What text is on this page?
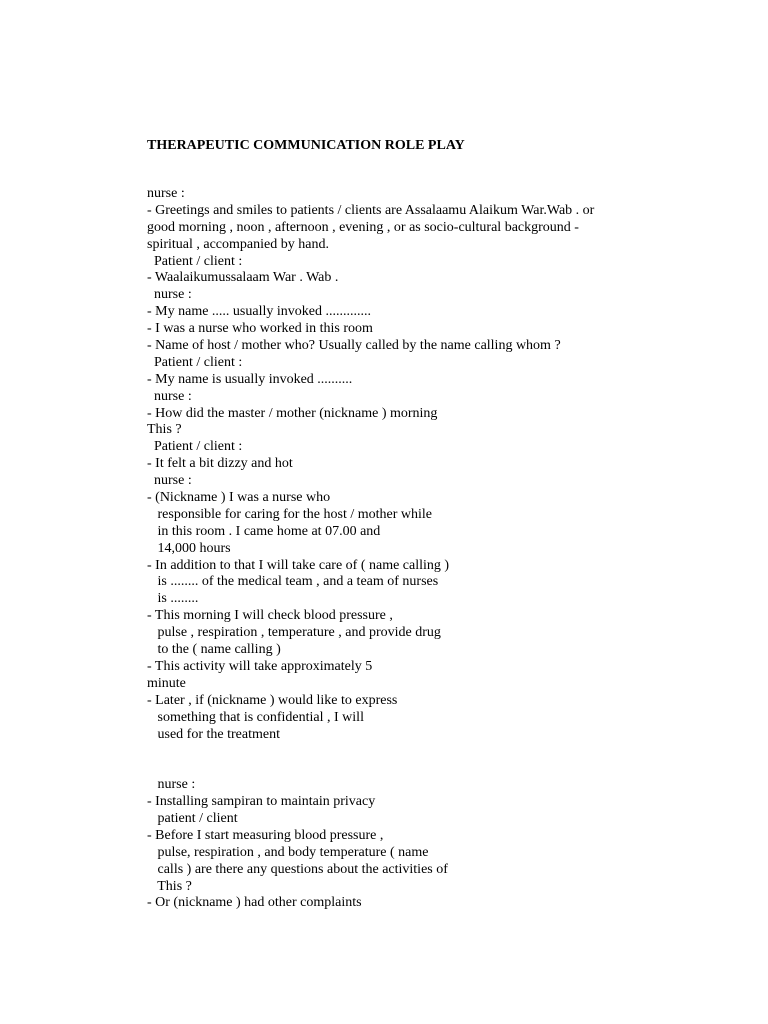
THERAPEUTIC COMMUNICATION ROLE PLAY
nurse :
- Greetings and smiles to patients / clients are Assalaamu Alaikum War.Wab . or
good morning , noon , afternoon , evening , or as socio-cultural background -
spiritual , accompanied by hand.
Patient / client :
- Waalaikumussalaam War . Wab .
nurse :
- My name ..... usually invoked .............
- I was a nurse who worked in this room
- Name of host / mother who? Usually called by the name calling whom ?
Patient / client :
- My name is usually invoked ..........
nurse :
- How did the master / mother (nickname ) morning
This ?
Patient / client :
- It felt a bit dizzy and hot
nurse :
- (Nickname ) I was a nurse who
responsible for caring for the host / mother while
in this room . I came home at 07.00 and
14,000 hours
- In addition to that I will take care of ( name calling )
is ........ of the medical team , and a team of nurses
is ........
- This morning I will check blood pressure ,
pulse , respiration , temperature , and provide drug
to the ( name calling )
- This activity will take approximately 5
minute
- Later , if (nickname ) would like to express
something that is confidential , I will
used for the treatment
nurse :
- Installing sampiran to maintain privacy
patient / client
- Before I start measuring blood pressure ,
pulse, respiration , and body temperature ( name
calls ) are there any questions about the activities of
This ?
- Or (nickname ) had other complaints
